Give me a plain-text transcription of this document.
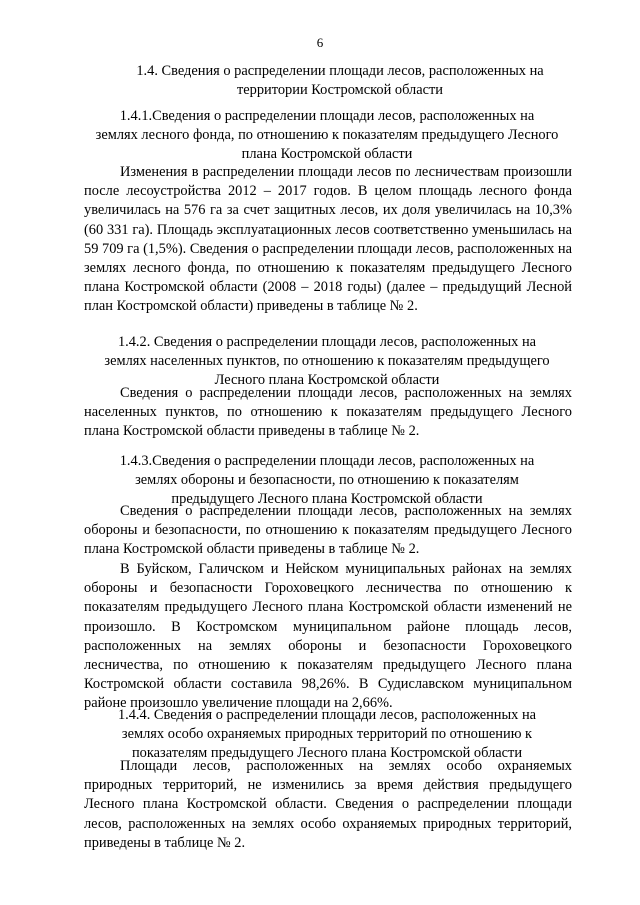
6
1.4. Сведения о распределении площади лесов, расположенных на
территории Костромской области
1.4.1.Сведения о распределении площади лесов, расположенных на
землях лесного фонда, по отношению к показателям предыдущего Лесного
плана Костромской области
Изменения в распределении площади лесов по лесничествам произошли после лесоустройства 2012 – 2017 годов. В целом площадь лесного фонда увеличилась на 576 га за счет защитных лесов, их доля увеличилась на 10,3% (60 331 га). Площадь эксплуатационных лесов соответственно уменьшилась на 59 709 га (1,5%). Сведения о распределении площади лесов, расположенных на землях лесного фонда, по отношению к показателям предыдущего Лесного плана Костромской области (2008 – 2018 годы) (далее – предыдущий Лесной план Костромской области) приведены в таблице № 2.
1.4.2. Сведения о распределении площади лесов, расположенных на
землях населенных пунктов, по отношению к показателям предыдущего
Лесного плана Костромской области
Сведения о распределении площади лесов, расположенных на землях населенных пунктов, по отношению к показателям предыдущего Лесного плана Костромской области приведены в таблице № 2.
1.4.3.Сведения о распределении площади лесов, расположенных на
землях обороны и безопасности, по отношению к показателям
предыдущего Лесного плана Костромской области
Сведения о распределении площади лесов, расположенных на землях обороны и безопасности, по отношению к показателям предыдущего Лесного плана Костромской области приведены в таблице № 2.
В Буйском, Галичском и Нейском муниципальных районах на землях обороны и безопасности Гороховецкого лесничества по отношению к показателям предыдущего Лесного плана Костромской области изменений не произошло. В Костромском муниципальном районе площадь лесов, расположенных на землях обороны и безопасности Гороховецкого лесничества, по отношению к показателям предыдущего Лесного плана Костромской области составила 98,26%. В Судиславском муниципальном районе произошло увеличение площади на 2,66%.
1.4.4. Сведения о распределении площади лесов, расположенных на
землях особо охраняемых природных территорий по отношению к
показателям предыдущего Лесного плана Костромской области
Площади лесов, расположенных на землях особо охраняемых природных территорий, не изменились за время действия предыдущего Лесного плана Костромской области. Сведения о распределении площади лесов, расположенных на землях особо охраняемых природных территорий, приведены в таблице № 2.
